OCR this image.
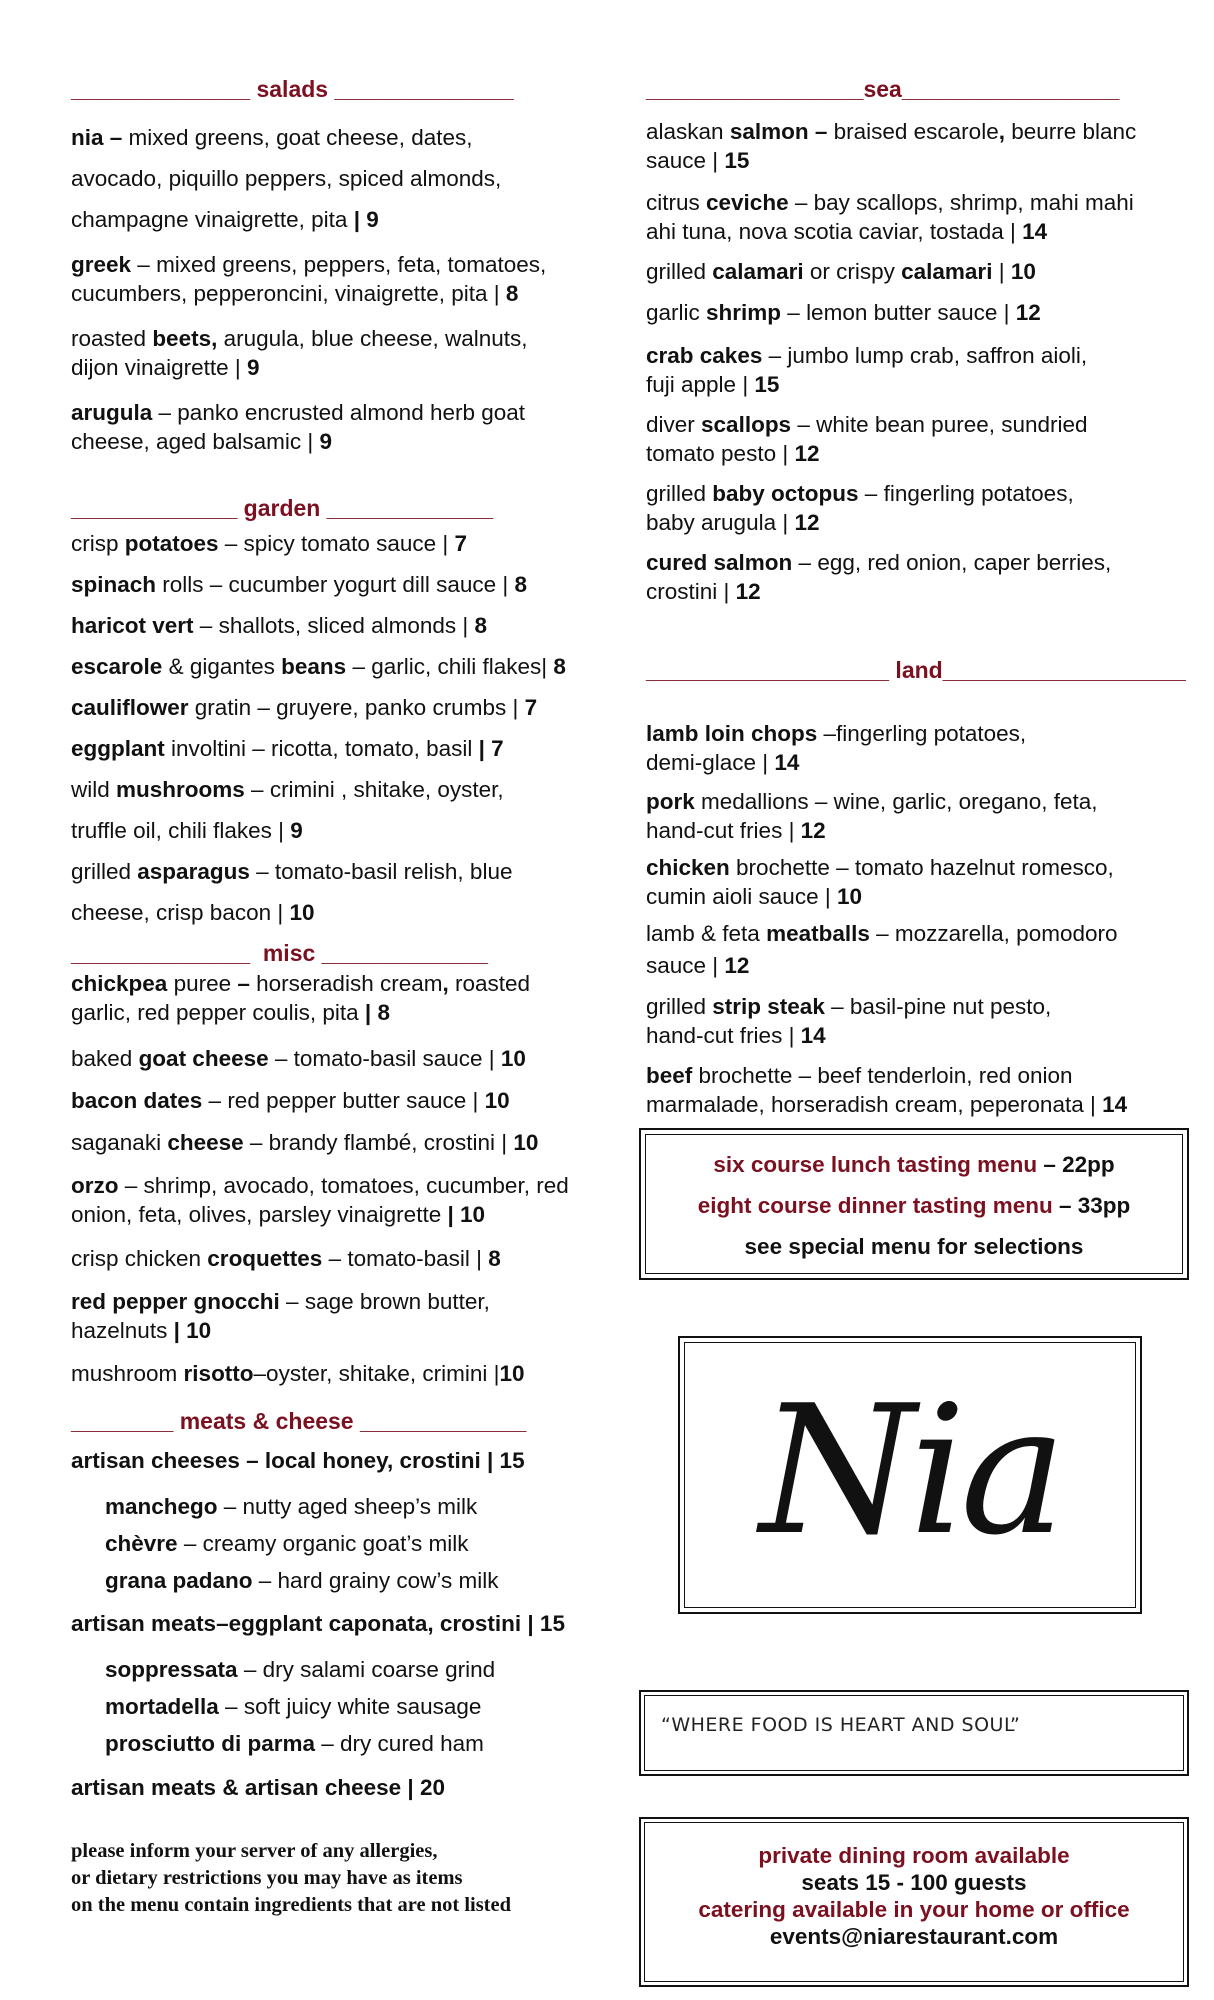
______________ salads ______________
nia – mixed greens, goat cheese, dates,
avocado, piquillo peppers, spiced almonds,
champagne vinaigrette, pita | 9
greek – mixed greens, peppers, feta, tomatoes,
cucumbers, pepperoncini, vinaigrette, pita | 8
roasted beets, arugula, blue cheese, walnuts,
dijon vinaigrette | 9
arugula – panko encrusted almond herb goat
cheese, aged balsamic | 9
_____________ garden _____________
crisp potatoes – spicy tomato sauce | 7
spinach rolls – cucumber yogurt dill sauce | 8
haricot vert – shallots, sliced almonds | 8
escarole & gigantes beans – garlic, chili flakes| 8
cauliflower gratin – gruyere, panko crumbs | 7
eggplant involtini – ricotta, tomato, basil | 7
wild mushrooms – crimini , shitake, oyster,
truffle oil, chili flakes | 9
grilled asparagus – tomato-basil relish, blue
cheese, crisp bacon | 10
______________  misc _____________
chickpea puree – horseradish cream, roasted
garlic, red pepper coulis, pita | 8
baked goat cheese – tomato-basil sauce | 10
bacon dates – red pepper butter sauce | 10
saganaki cheese – brandy flambé, crostini | 10
orzo – shrimp, avocado, tomatoes, cucumber, red
onion, feta, olives, parsley vinaigrette | 10
crisp chicken croquettes – tomato-basil | 8
red pepper gnocchi – sage brown butter,
hazelnuts | 10
mushroom risotto–oyster, shitake, crimini |10
________ meats & cheese _____________
artisan cheeses – local honey, crostini | 15
manchego – nutty aged sheep’s milk
chèvre – creamy organic goat’s milk
grana padano – hard grainy cow’s milk
artisan meats–eggplant caponata, crostini | 15
soppressata – dry salami coarse grind
mortadella – soft juicy white sausage
prosciutto di parma – dry cured ham
artisan meats & artisan cheese | 20
please inform your server of any allergies,
or dietary restrictions you may have as items
on the menu contain ingredients that are not listed
_________________sea_________________
alaskan salmon – braised escarole, beurre blanc
sauce | 15
citrus ceviche – bay scallops, shrimp, mahi mahi
ahi tuna, nova scotia caviar, tostada | 14
grilled calamari or crispy calamari | 10
garlic shrimp – lemon butter sauce | 12
crab cakes – jumbo lump crab, saffron aioli,
fuji apple | 15
diver scallops – white bean puree, sundried
tomato pesto | 12
grilled baby octopus – fingerling potatoes,
baby arugula | 12
cured salmon – egg, red onion, caper berries,
crostini | 12
___________________ land___________________
lamb loin chops –fingerling potatoes,
demi-glace | 14
pork medallions – wine, garlic, oregano, feta,
hand-cut fries | 12
chicken brochette – tomato hazelnut romesco,
cumin aioli sauce | 10
lamb & feta meatballs – mozzarella, pomodoro
sauce | 12
grilled strip steak – basil-pine nut pesto,
hand-cut fries | 14
beef brochette – beef tenderloin, red onion
marmalade, horseradish cream, peperonata | 14
six course lunch tasting menu – 22pp
eight course dinner tasting menu – 33pp
see special menu for selections
Nia
“WHERE FOOD IS HEART AND SOUL”
private dining room available
seats 15 - 100 guests
catering available in your home or office
events@niarestaurant.com
